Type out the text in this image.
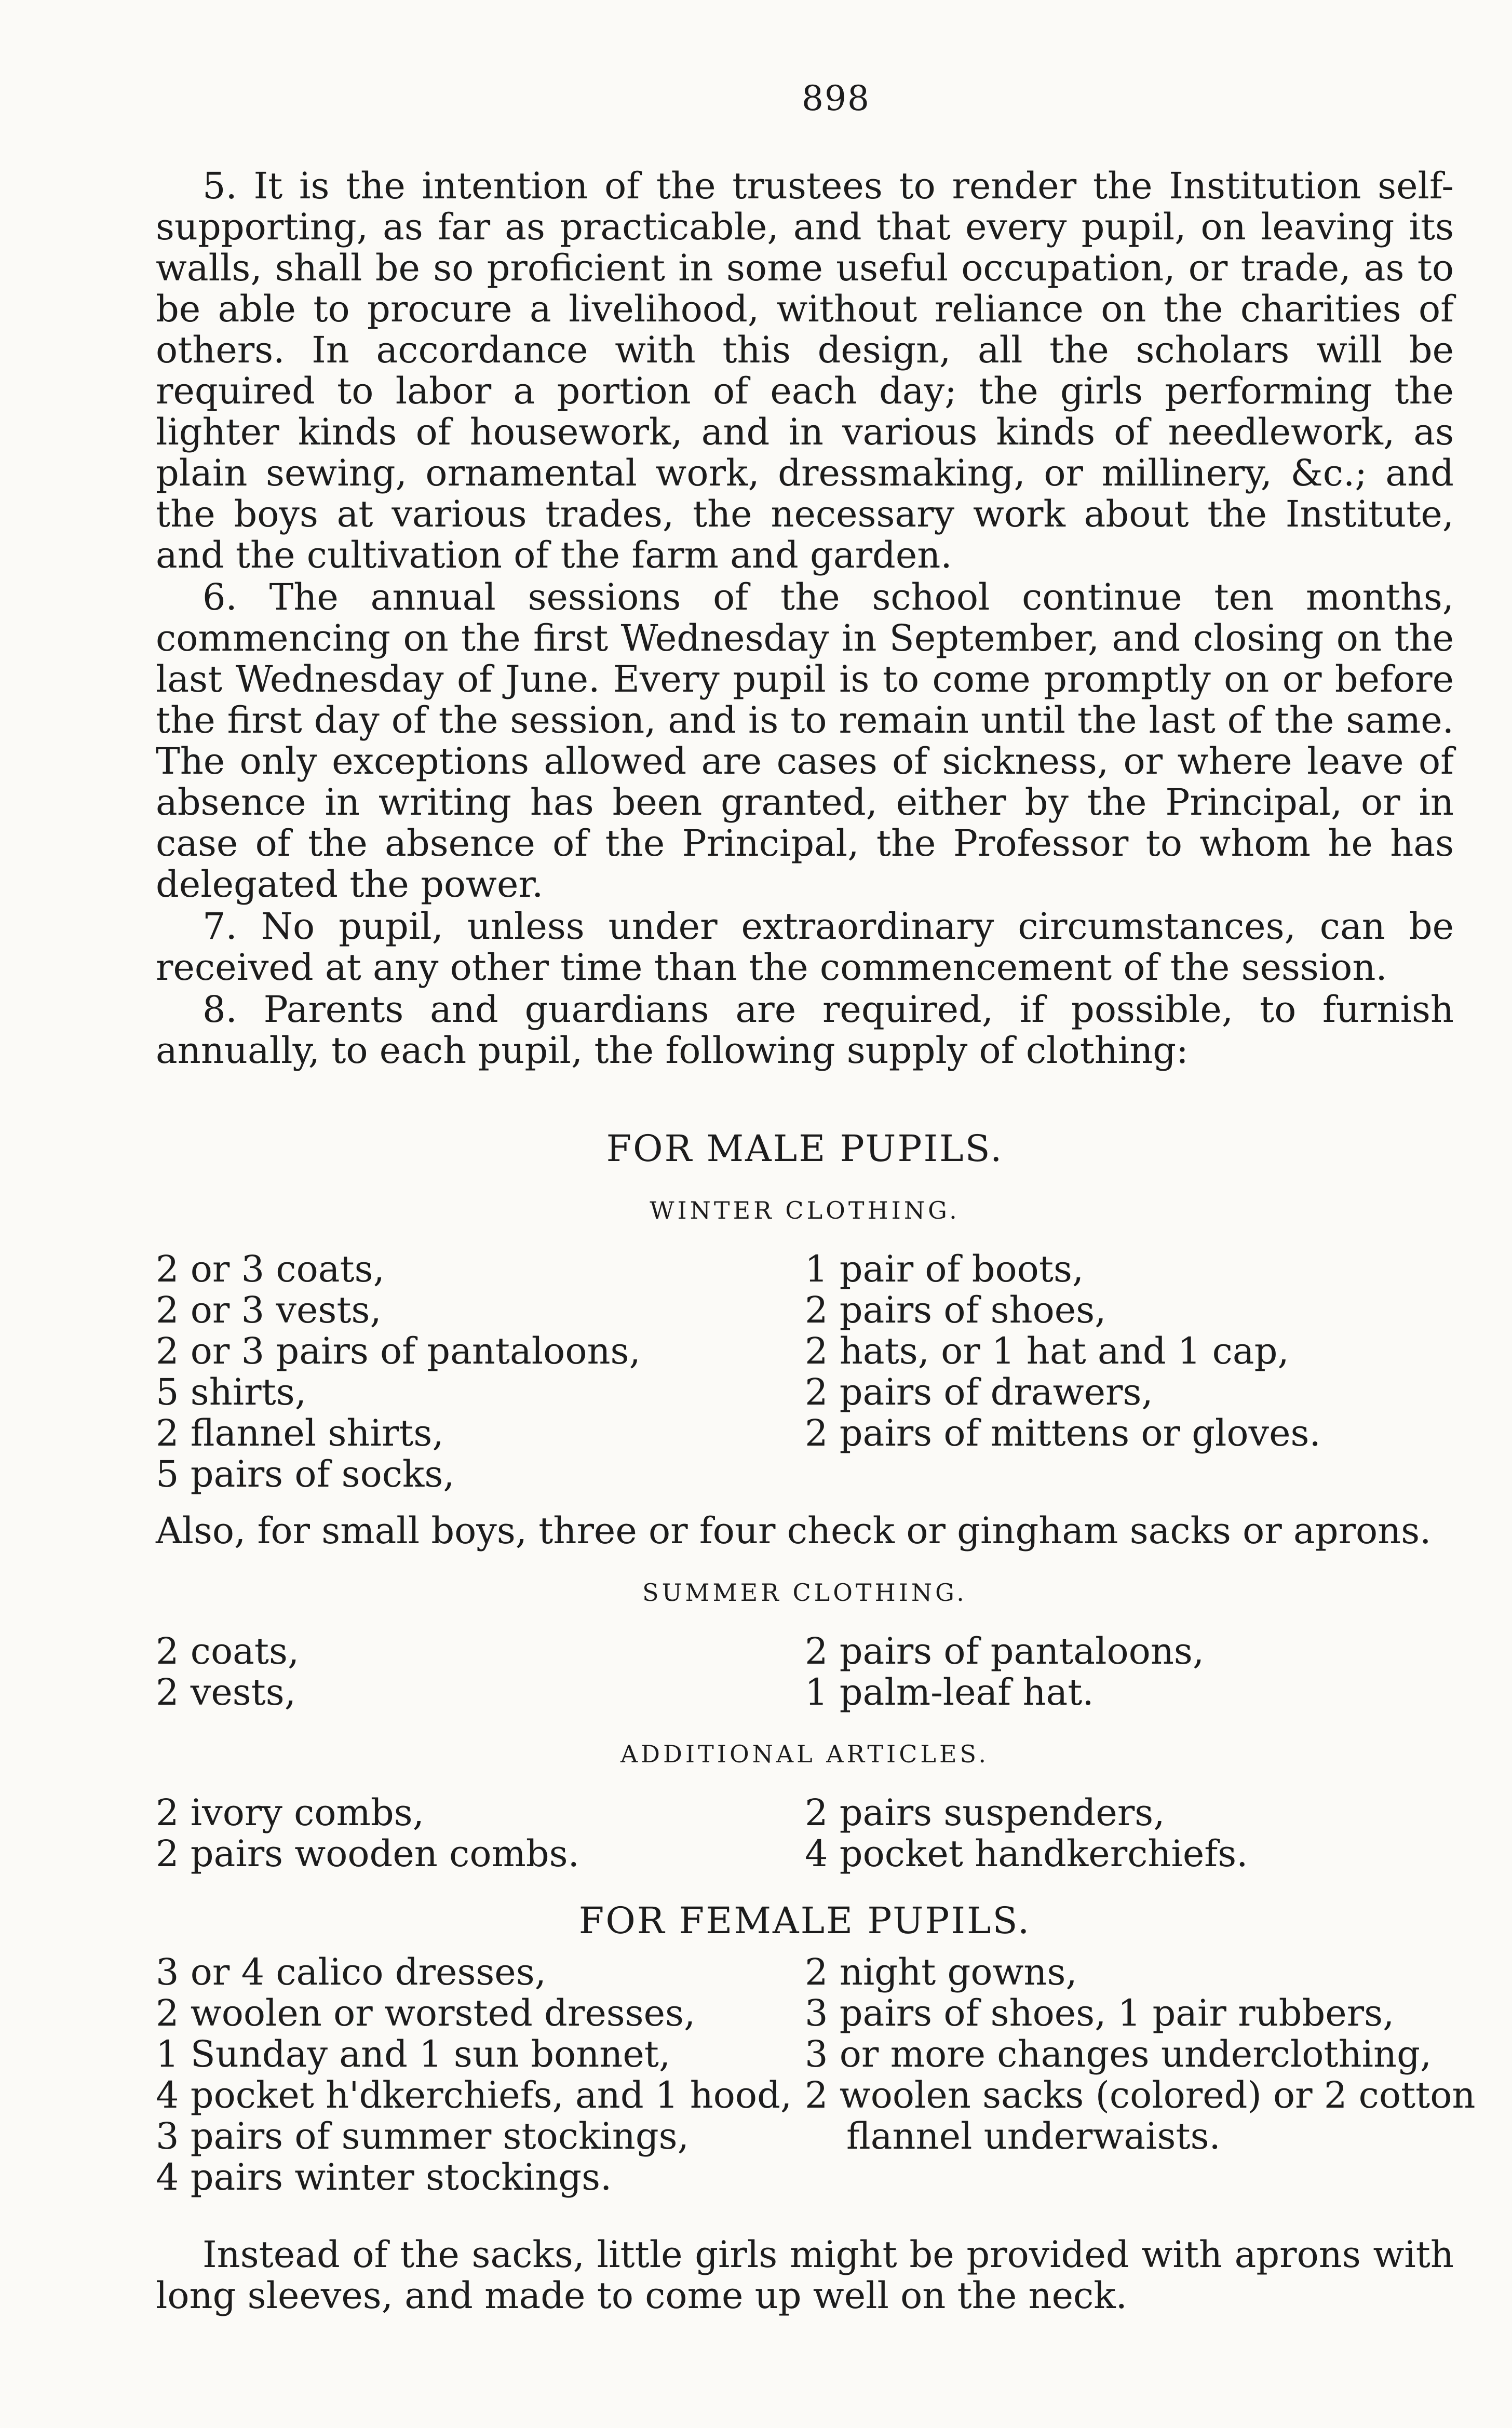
898

5. It is the intention of the trustees to render the Institution self-supporting, as far as practicable, and that every pupil, on leaving its walls, shall be so proficient in some useful occupation, or trade, as to be able to procure a livelihood, without reliance on the charities of others. In accordance with this design, all the scholars will be required to labor a portion of each day; the girls performing the lighter kinds of housework, and in various kinds of needlework, as plain sewing, ornamental work, dressmaking, or millinery, &c.; and the boys at various trades, the necessary work about the Institute, and the cultivation of the farm and garden.

6. The annual sessions of the school continue ten months, commencing on the first Wednesday in September, and closing on the last Wednesday of June. Every pupil is to come promptly on or before the first day of the session, and is to remain until the last of the same. The only exceptions allowed are cases of sickness, or where leave of absence in writing has been granted, either by the Principal, or in case of the absence of the Principal, the Professor to whom he has delegated the power.

7. No pupil, unless under extraordinary circumstances, can be received at any other time than the commencement of the session.

8. Parents and guardians are required, if possible, to furnish annually, to each pupil, the following supply of clothing:

FOR MALE PUPILS.
WINTER CLOTHING.
2 or 3 coats,
2 or 3 vests,
2 or 3 pairs of pantaloons,
5 shirts,
2 flannel shirts,
5 pairs of socks,
1 pair of boots,
2 pairs of shoes,
2 hats, or 1 hat and 1 cap,
2 pairs of drawers,
2 pairs of mittens or gloves.
Also, for small boys, three or four check or gingham sacks or aprons.
SUMMER CLOTHING.
2 coats,
2 vests,
2 pairs of pantaloons,
1 palm-leaf hat.
ADDITIONAL ARTICLES.
2 ivory combs,
2 pairs wooden combs.
2 pairs suspenders,
4 pocket handkerchiefs.
FOR FEMALE PUPILS.
3 or 4 calico dresses,
2 woolen or worsted dresses,
1 Sunday and 1 sun bonnet,
4 pocket h'dkerchiefs, and 1 hood,
3 pairs of summer stockings,
4 pairs winter stockings.
2 night gowns,
3 pairs of shoes, 1 pair rubbers,
3 or more changes underclothing,
2 woolen sacks (colored) or 2 cotton
flannel underwaists.

Instead of the sacks, little girls might be provided with aprons with long sleeves, and made to come up well on the neck.
